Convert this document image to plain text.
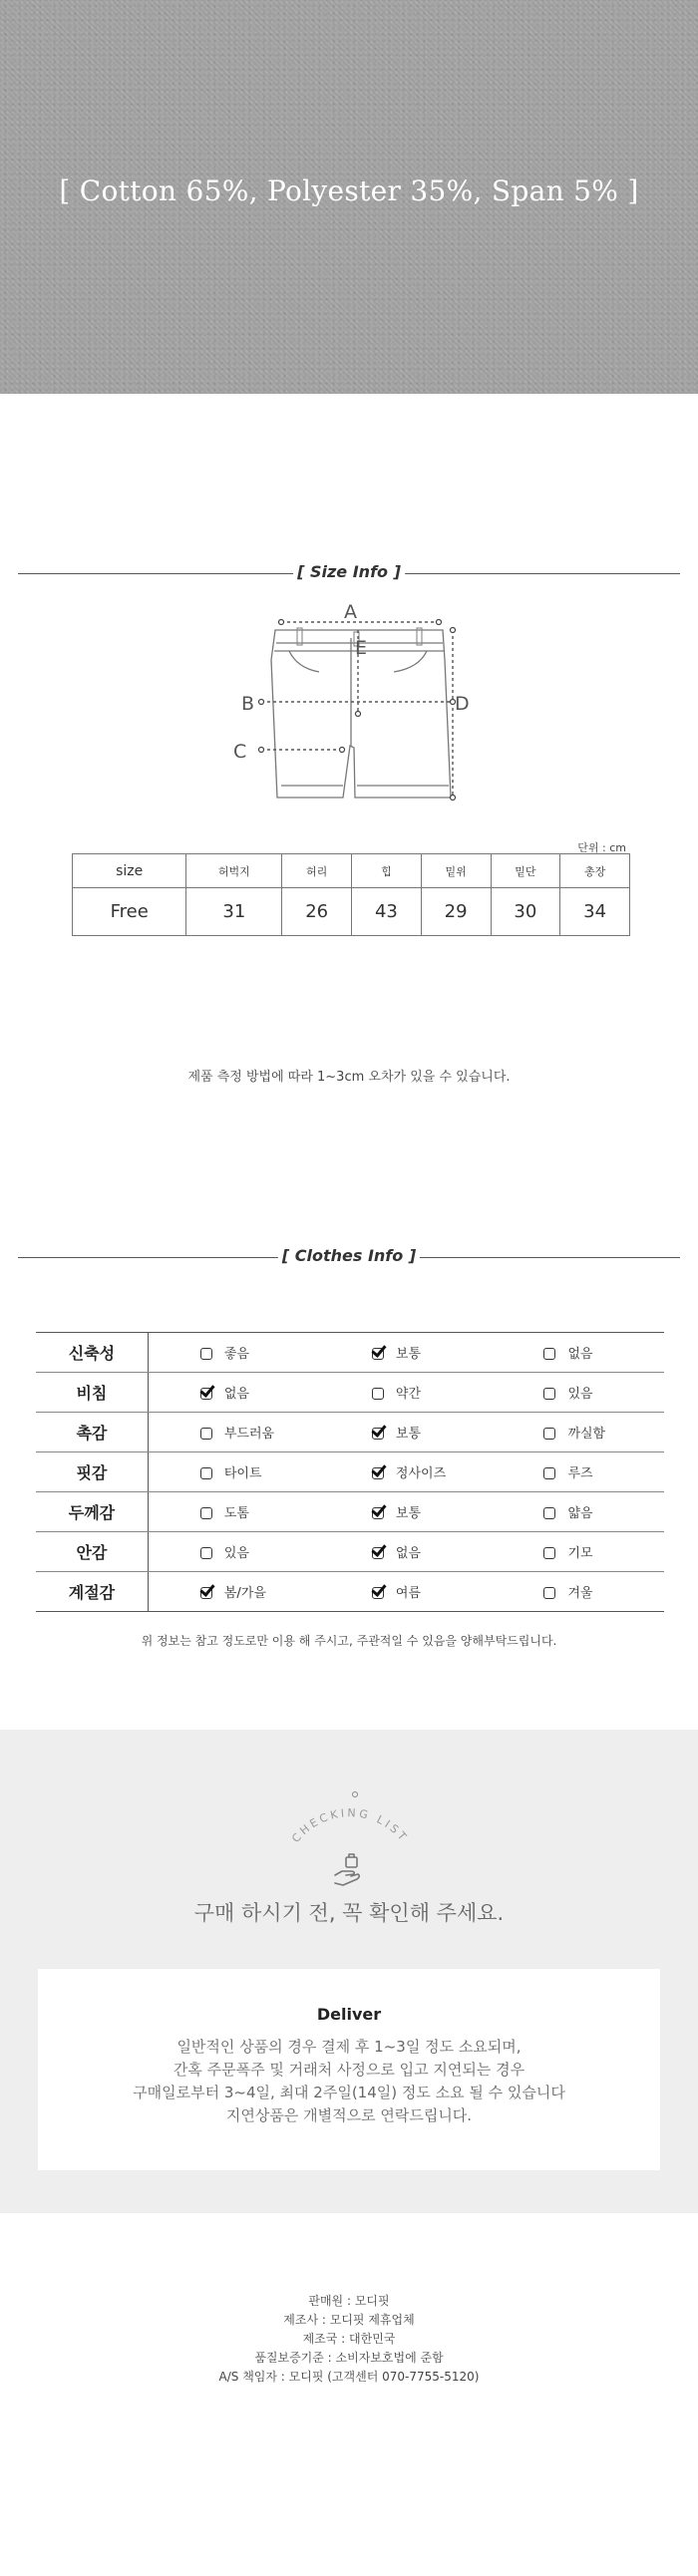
[ Cotton 65%, Polyester 35%, Span 5% ]
[ Size Info ]
A
E
B
C
D
단위 : cm
size	허벅지	허리	힙	밑위	밑단	총장
Free	31	26	43	29	30	34
제품 측정 방법에 따라 1~3cm 오차가 있을 수 있습니다.
[ Clothes Info ]
신축성	좋음	보통	없음
비침	없음	약간	있음
촉감	부드러움	보통	까실함
핏감	타이트	정사이즈	루즈
두께감	도톰	보통	얇음
안감	있음	없음	기모
계절감	봄/가을	여름	겨울
위 정보는 참고 정도로만 이용 해 주시고, 주관적일 수 있음을 양해부탁드립니다.
CHECKING LIST
구매 하시기 전, 꼭 확인해 주세요.
Deliver
일반적인 상품의 경우 결제 후 1~3일 정도 소요되며,
간혹 주문폭주 및 거래처 사정으로 입고 지연되는 경우
구매일로부터 3~4일, 최대 2주일(14일) 정도 소요 될 수 있습니다
지연상품은 개별적으로 연락드립니다.
판매원 : 모디핏
제조사 : 모디핏 제휴업체
제조국 : 대한민국
품질보증기준 : 소비자보호법에 준함
A/S 책임자 : 모디핏 (고객센터 070-7755-5120)
